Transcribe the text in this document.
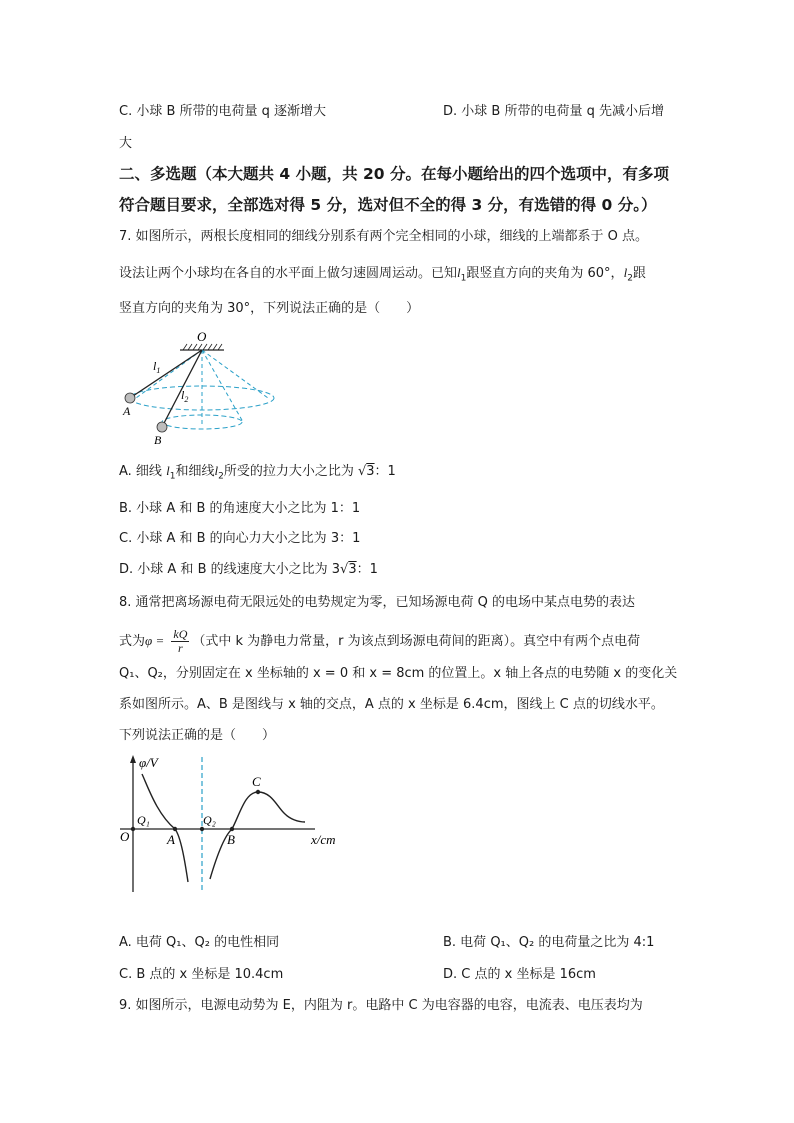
C. 小球 B 所带的电荷量 q 逐渐增大	D. 小球 B 所带的电荷量 q 先减小后增
大
二、多选题（本大题共 4 小题，共 20 分。在每小题给出的四个选项中，有多项
符合题目要求，全部选对得 5 分，选对但不全的得 3 分，有选错的得 0 分。）
7. 如图所示，两根长度相同的细线分别系有两个完全相同的小球，细线的上端都系于 O 点。
设法让两个小球均在各自的水平面上做匀速圆周运动。已知$l_1$跟竖直方向的夹角为 60°，$l_2$跟
竖直方向的夹角为 30°，下列说法正确的是（　　）
O
$l_1$
$l_2$
A
B
A. 细线 $l_1$和细线$l_2$所受的拉力大小之比为 √3：1
B. 小球 A 和 B 的角速度大小之比为 1：1
C. 小球 A 和 B 的向心力大小之比为 3：1
D. 小球 A 和 B 的线速度大小之比为 3√3：1
8. 通常把离场源电荷无限远处的电势规定为零，已知场源电荷 Q 的电场中某点电势的表达
式为$\varphi = \frac{kQ}{r}$ （式中 k 为静电力常量，r 为该点到场源电荷间的距离）。真空中有两个点电荷
Q₁、Q₂，分别固定在 x 坐标轴的 x = 0 和 x = 8cm 的位置上。x 轴上各点的电势随 x 的变化关
系如图所示。A、B 是图线与 x 轴的交点，A 点的 x 坐标是 6.4cm，图线上 C 点的切线水平。
下列说法正确的是（　　）
φ/V
x/cm
O
Q₁	Q₂
A	B
C
A. 电荷 Q₁、Q₂ 的电性相同	B. 电荷 Q₁、Q₂ 的电荷量之比为 4:1
C. B 点的 x 坐标是 10.4cm	D. C 点的 x 坐标是 16cm
9. 如图所示，电源电动势为 E，内阻为 r。电路中 C 为电容器的电容，电流表、电压表均为
